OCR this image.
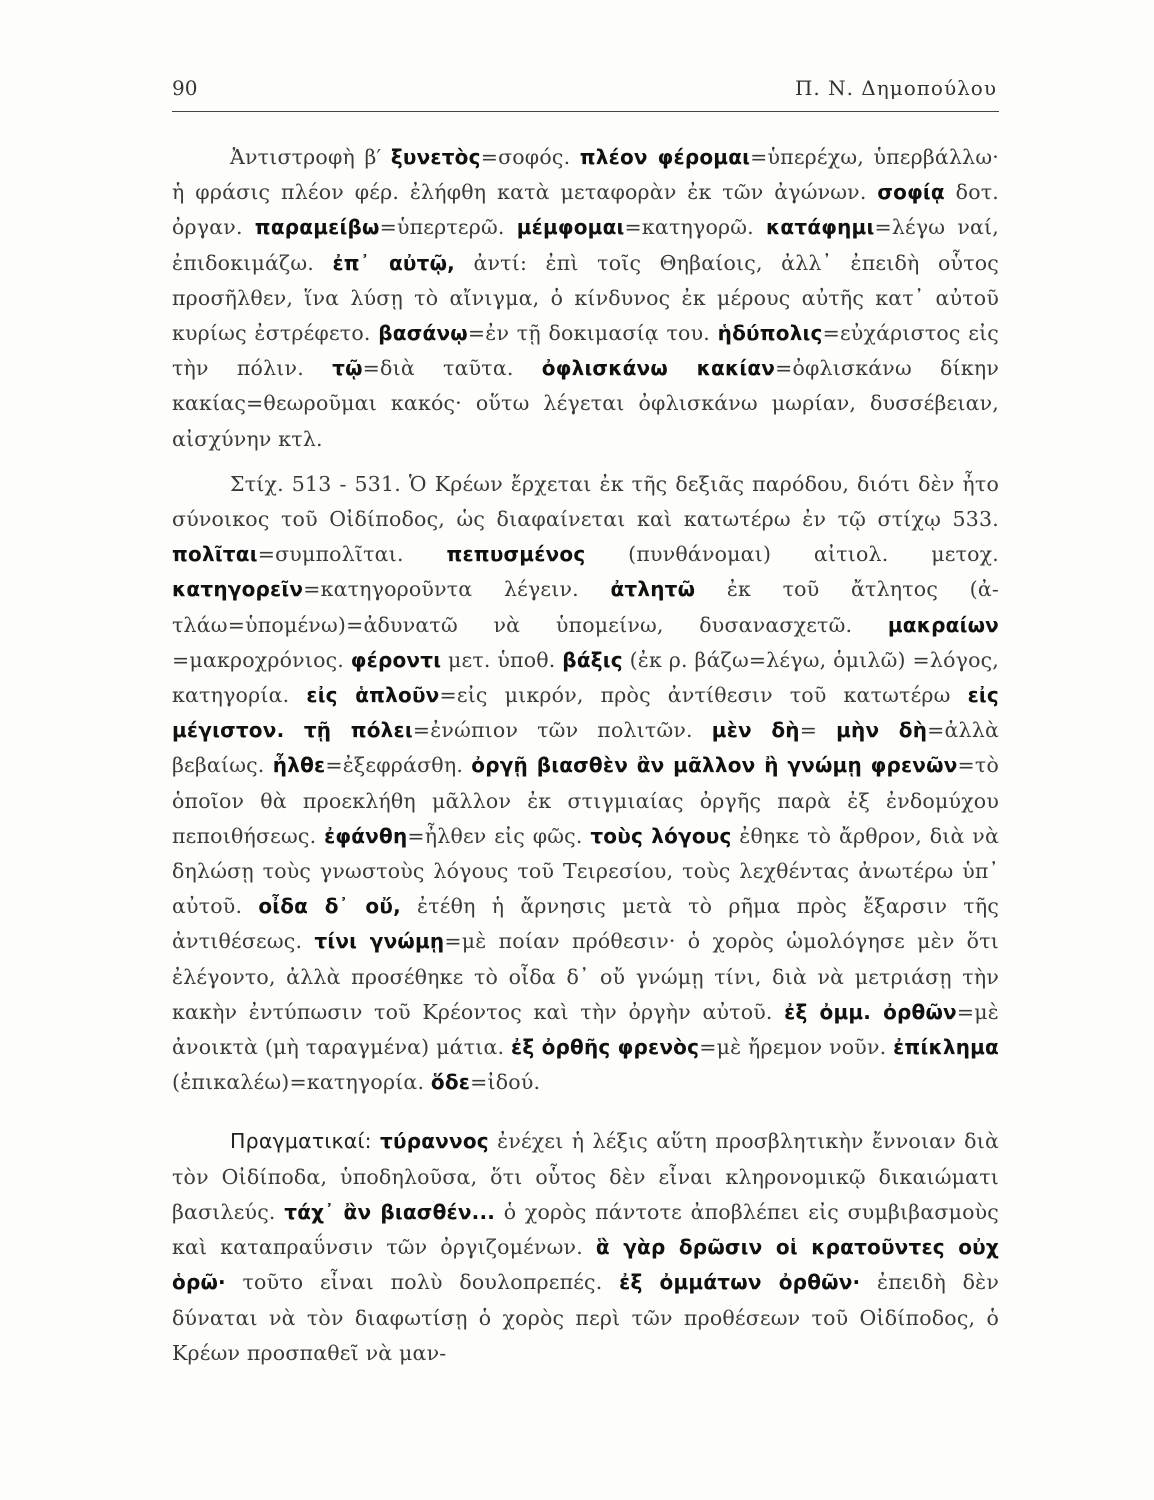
90	Π. Ν. Δημοπούλου

Ἀντιστροφὴ β′ ξυνετὸς=σοφός. πλέον φέρομαι=ὑπερέχω, ὑπερβάλλω· ἡ φράσις πλέον φέρ. ἐλήφθη κατὰ μεταφορὰν ἐκ τῶν ἀγώνων. σοφίᾳ δοτ. ὀργαν. παραμείβω=ὑπερτερῶ. μέμφομαι=κατηγορῶ. κατάφημι=λέγω ναί, ἐπιδοκιμάζω. ἐπ᾽ αὐτῷ, ἀντί: ἐπὶ τοῖς Θηβαίοις, ἀλλ᾽ ἐπειδὴ οὗτος προσῆλθεν, ἵνα λύσῃ τὸ αἴνιγμα, ὁ κίνδυνος ἐκ μέρους αὐτῆς κατ᾽ αὐτοῦ κυρίως ἐστρέφετο. βασάνῳ=ἐν τῇ δοκιμασίᾳ του. ἡδύπολις=εὐχάριστος εἰς τὴν πόλιν. τῷ=διὰ ταῦτα. ὀφλισκάνω κακίαν=ὀφλισκάνω δίκην κακίας=θεωροῦμαι κακός· οὕτω λέγεται ὀφλισκάνω μωρίαν, δυσσέβειαν, αἰσχύνην κτλ.

Στίχ. 513 - 531. Ὁ Κρέων ἔρχεται ἐκ τῆς δεξιᾶς παρόδου, διότι δὲν ἦτο σύνοικος τοῦ Οἰδίποδος, ὡς διαφαίνεται καὶ κατωτέρω ἐν τῷ στίχῳ 533. πολῖται=συμπολῖται. πεπυσμένος (πυνθάνομαι) αἰτιολ. μετοχ. κατηγορεῖν=κατηγοροῦντα λέγειν. ἀτλητῶ ἐκ τοῦ ἄτλητος (ἀ-τλάω=ὑπομένω)=ἀδυνατῶ νὰ ὑπομείνω, δυσανασχετῶ. μακραίων =μακροχρόνιος. φέροντι μετ. ὑποθ. βάξις (ἐκ ρ. βάζω=λέγω, ὁμιλῶ) =λόγος, κατηγορία. εἰς ἁπλοῦν=εἰς μικρόν, πρὸς ἀντίθεσιν τοῦ κατωτέρω εἰς μέγιστον. τῇ πόλει=ἐνώπιον τῶν πολιτῶν. μὲν δὴ= μὴν δὴ=ἀλλὰ βεβαίως. ἦλθε=ἐξεφράσθη. ὀργῇ βιασθὲν ἂν μᾶλλον ἢ γνώμῃ φρενῶν=τὸ ὁποῖον θὰ προεκλήθη μᾶλλον ἐκ στιγμιαίας ὀργῆς παρὰ ἐξ ἐνδομύχου πεποιθήσεως. ἐφάνθη=ἦλθεν εἰς φῶς. τοὺς λόγους ἐθηκε τὸ ἄρθρον, διὰ νὰ δηλώσῃ τοὺς γνωστοὺς λόγους τοῦ Τειρεσίου, τοὺς λεχθέντας ἀνωτέρω ὑπ᾽ αὐτοῦ. οἶδα δ᾽ οὔ, ἐτέθη ἡ ἄρνησις μετὰ τὸ ρῆμα πρὸς ἔξαρσιν τῆς ἀντιθέσεως. τίνι γνώμῃ=μὲ ποίαν πρόθεσιν· ὁ χορὸς ὡμολόγησε μὲν ὅτι ἐλέγοντο, ἀλλὰ προσέθηκε τὸ οἶδα δ᾽ οὔ γνώμῃ τίνι, διὰ νὰ μετριάσῃ τὴν κακὴν ἐντύπωσιν τοῦ Κρέοντος καὶ τὴν ὀργὴν αὐτοῦ. ἐξ ὀμμ. ὀρθῶν=μὲ ἀνοικτὰ (μὴ ταραγμένα) μάτια. ἐξ ὀρθῆς φρενὸς=μὲ ἤρεμον νοῦν. ἐπίκλημα (ἐπικαλέω)=κατηγορία. ὅδε=ἰδού.

Πραγματικαί: τύραννος ἐνέχει ἡ λέξις αὕτη προσβλητικὴν ἔννοιαν διὰ τὸν Οἰδίποδα, ὑποδηλοῦσα, ὅτι οὗτος δὲν εἶναι κληρονομικῷ δικαιώματι βασιλεύς. τάχ᾽ ἂν βιασθέν... ὁ χορὸς πάντοτε ἀποβλέπει εἰς συμβιβασμοὺς καὶ καταπραΰνσιν τῶν ὀργιζομένων. ἃ γὰρ δρῶσιν οἱ κρατοῦντες οὐχ ὁρῶ· τοῦτο εἶναι πολὺ δουλοπρεπές. ἐξ ὀμμάτων ὀρθῶν· ἐπειδὴ δὲν δύναται νὰ τὸν διαφωτίσῃ ὁ χορὸς περὶ τῶν προθέσεων τοῦ Οἰδίποδος, ὁ Κρέων προσπαθεῖ νὰ μαν-
